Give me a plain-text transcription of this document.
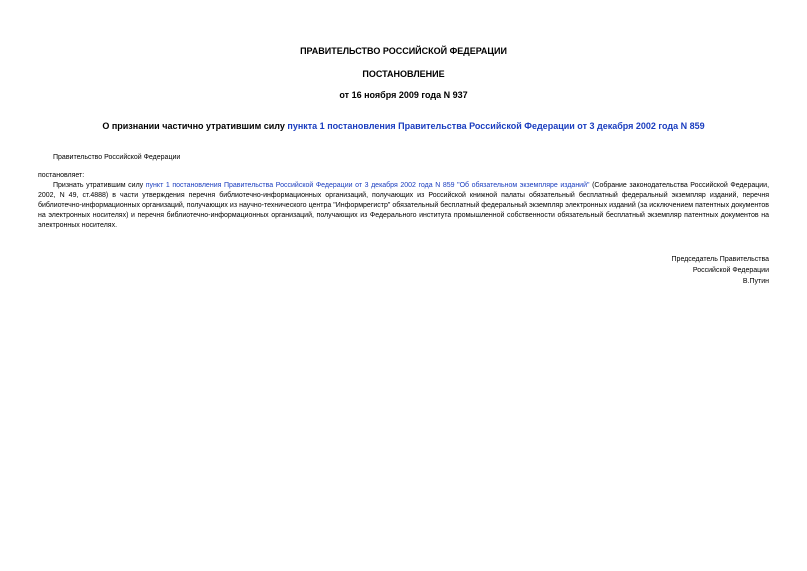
ПРАВИТЕЛЬСТВО РОССИЙСКОЙ ФЕДЕРАЦИИ
ПОСТАНОВЛЕНИЕ
от 16 ноября 2009 года N 937
О признании частично утратившим силу пункта 1 постановления Правительства Российской Федерации от 3 декабря 2002 года N 859
Правительство Российской Федерации
постановляет:
Признать утратившим силу пункт 1 постановления Правительства Российской Федерации от 3 декабря 2002 года N 859 "Об обязательном экземпляре изданий" (Собрание законодательства Российской Федерации, 2002, N 49, ст.4888) в части утверждения перечня библиотечно-информационных организаций, получающих из Российской книжной палаты обязательный бесплатный федеральный экземпляр изданий, перечня библиотечно-информационных организаций, получающих из научно-технического центра "Информрегистр" обязательный бесплатный федеральный экземпляр электронных изданий (за исключением патентных документов на электронных носителях) и перечня библиотечно-информационных организаций, получающих из Федерального института промышленной собственности обязательный бесплатный экземпляр патентных документов на электронных носителях.
Председатель Правительства
Российской Федерации
В.Путин
